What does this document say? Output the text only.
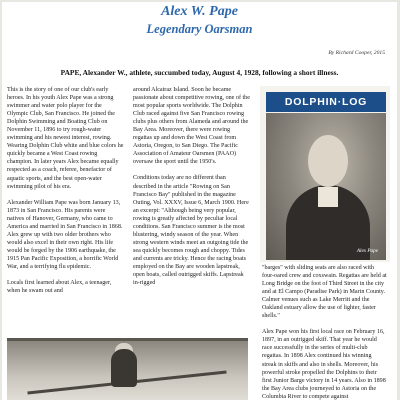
Alex W. Pape
Legendary Oarsman
By Richard Cooper, 2015
PAPE, Alexander W., athlete, succumbed today, August 4, 1928, following a short illness.

This is the story of one of our club's early heroes. In his youth Alex Pape was a strong swimmer and water polo player for the Olympic Club, San Francisco. He joined the Dolphin Swimming and Boating Club on November 11, 1896 to try rough-water swimming and his newest interest, rowing. Wearing Dolphin Club white and blue colors he quickly became a West Coast rowing champion. In later years Alex became equally respected as a coach, referee, benefactor of aquatic sports, and the best open-water swimming pilot of his era.

Alexander William Pape was born January 13, 1873 in San Francisco. His parents were natives of Hanover, Germany, who came to America and married in San Francisco in 1868. Alex grew up with two older brothers who would also excel in their own right. His life would be forged by the 1906 earthquake, the 1915 Pan Pacific Exposition, a horrific World War, and a terrifying flu epidemic.

Locals first learned about Alex, a teenager, when he swam out and

around Alcatraz Island. Soon he became passionate about competitive rowing, one of the most popular sports worldwide. The Dolphin Club raced against five San Francisco rowing clubs plus others from Alameda and around the Bay Area. Moreover, there were rowing regattas up and down the West Coast from Astoria, Oregon, to San Diego. The Pacific Association of Amateur Oarsmen (PAAO) oversaw the sport until the 1950's.

Conditions today are no different than described in the article "Rowing on San Francisco Bay" published in the magazine Outing, Vol. XXXV, Issue 6, March 1900. Here an excerpt: "Although being very popular, rowing is greatly affected by peculiar local conditions. San Francisco summer is the most blustering, windy season of the year. When strong western winds meet an outgoing tide the sea quickly becomes rough and choppy. Tides and currents are tricky. Hence the racing boats employed on the Bay are wooden lapstreak, open boats, called outrigged skiffs. Lapstreak in-rigged

DOLPHIN·LOG
Alex Pape

"barges" with sliding seats are also raced with four-oared crew and coxswain. Regattas are held at Long Bridge on the foot of Third Street in the city and at El Campo (Paradise Park) in Marin County. Calmer venues such as Lake Merritt and the Oakland estuary allow the use of lighter, faster shells."

Alex Pape won his first local race on February 16, 1897, in an outrigged skiff. That year he would race successfully in the series of multi-club regattas. In 1898 Alex continued his winning streak in skiffs and also in shells. Moreover, his powerful stroke propelled the Dolphins to their first Junior Barge victory in 14 years. Also in 1898 the Bay Area clubs journeyed to Astoria on the Columbia River to compete against
